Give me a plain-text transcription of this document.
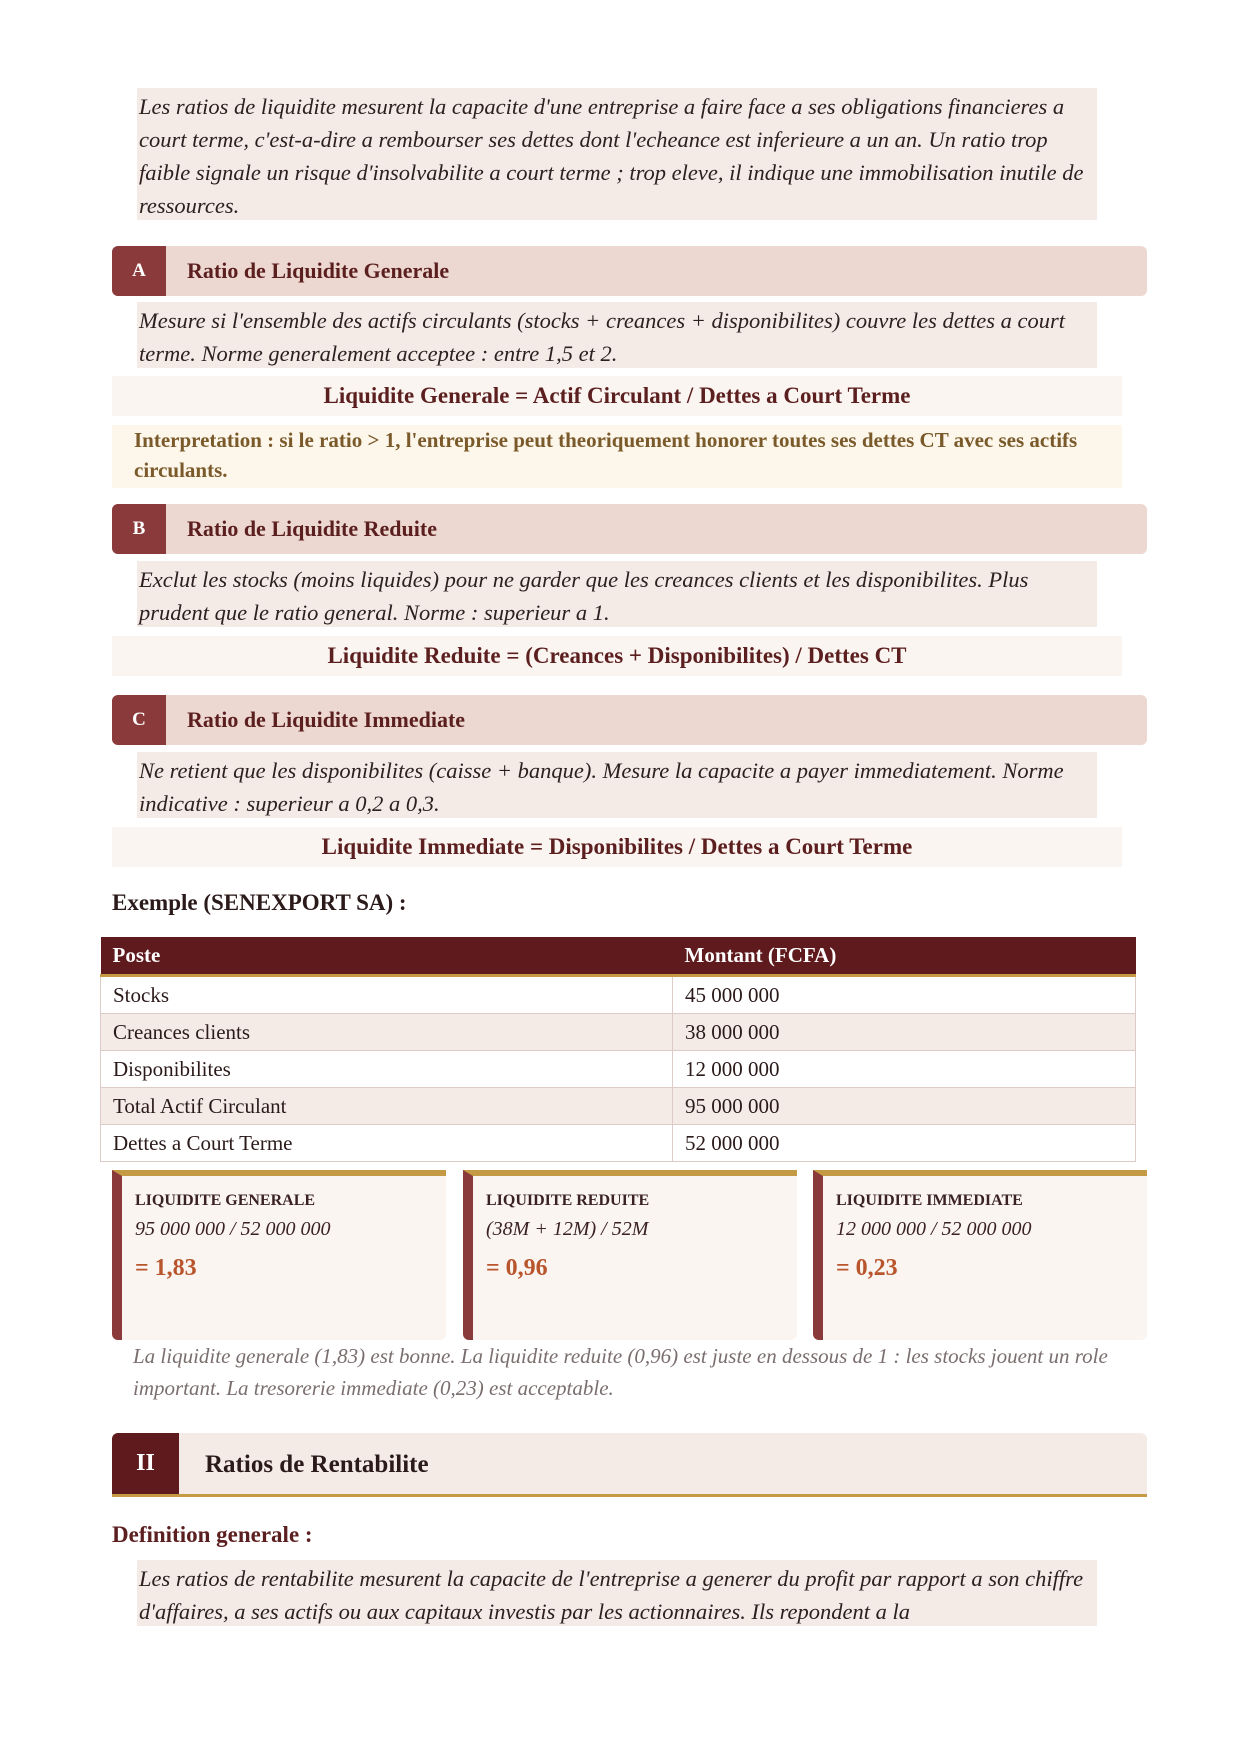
Les ratios de liquidite mesurent la capacite d'une entreprise a faire face a ses obligations financieres a court terme, c'est-a-dire a rembourser ses dettes dont l'echeance est inferieure a un an. Un ratio trop faible signale un risque d'insolvabilite a court terme ; trop eleve, il indique une immobilisation inutile de ressources.
A	Ratio de Liquidite Generale
Mesure si l'ensemble des actifs circulants (stocks + creances + disponibilites) couvre les dettes a court terme. Norme generalement acceptee : entre 1,5 et 2.
Liquidite Generale = Actif Circulant / Dettes a Court Terme
Interpretation : si le ratio > 1, l'entreprise peut theoriquement honorer toutes ses dettes CT avec ses actifs circulants.
B	Ratio de Liquidite Reduite
Exclut les stocks (moins liquides) pour ne garder que les creances clients et les disponibilites. Plus prudent que le ratio general. Norme : superieur a 1.
Liquidite Reduite = (Creances + Disponibilites) / Dettes CT
C	Ratio de Liquidite Immediate
Ne retient que les disponibilites (caisse + banque). Mesure la capacite a payer immediatement. Norme indicative : superieur a 0,2 a 0,3.
Liquidite Immediate = Disponibilites / Dettes a Court Terme
Exemple (SENEXPORT SA) :
Poste	Montant (FCFA)
Stocks	45 000 000
Creances clients	38 000 000
Disponibilites	12 000 000
Total Actif Circulant	95 000 000
Dettes a Court Terme	52 000 000
LIQUIDITE GENERALE
95 000 000 / 52 000 000
= 1,83
LIQUIDITE REDUITE
(38M + 12M) / 52M
= 0,96
LIQUIDITE IMMEDIATE
12 000 000 / 52 000 000
= 0,23
La liquidite generale (1,83) est bonne. La liquidite reduite (0,96) est juste en dessous de 1 : les stocks jouent un role important. La tresorerie immediate (0,23) est acceptable.
II	Ratios de Rentabilite
Definition generale :
Les ratios de rentabilite mesurent la capacite de l'entreprise a generer du profit par rapport a son chiffre d'affaires, a ses actifs ou aux capitaux investis par les actionnaires. Ils repondent a la
